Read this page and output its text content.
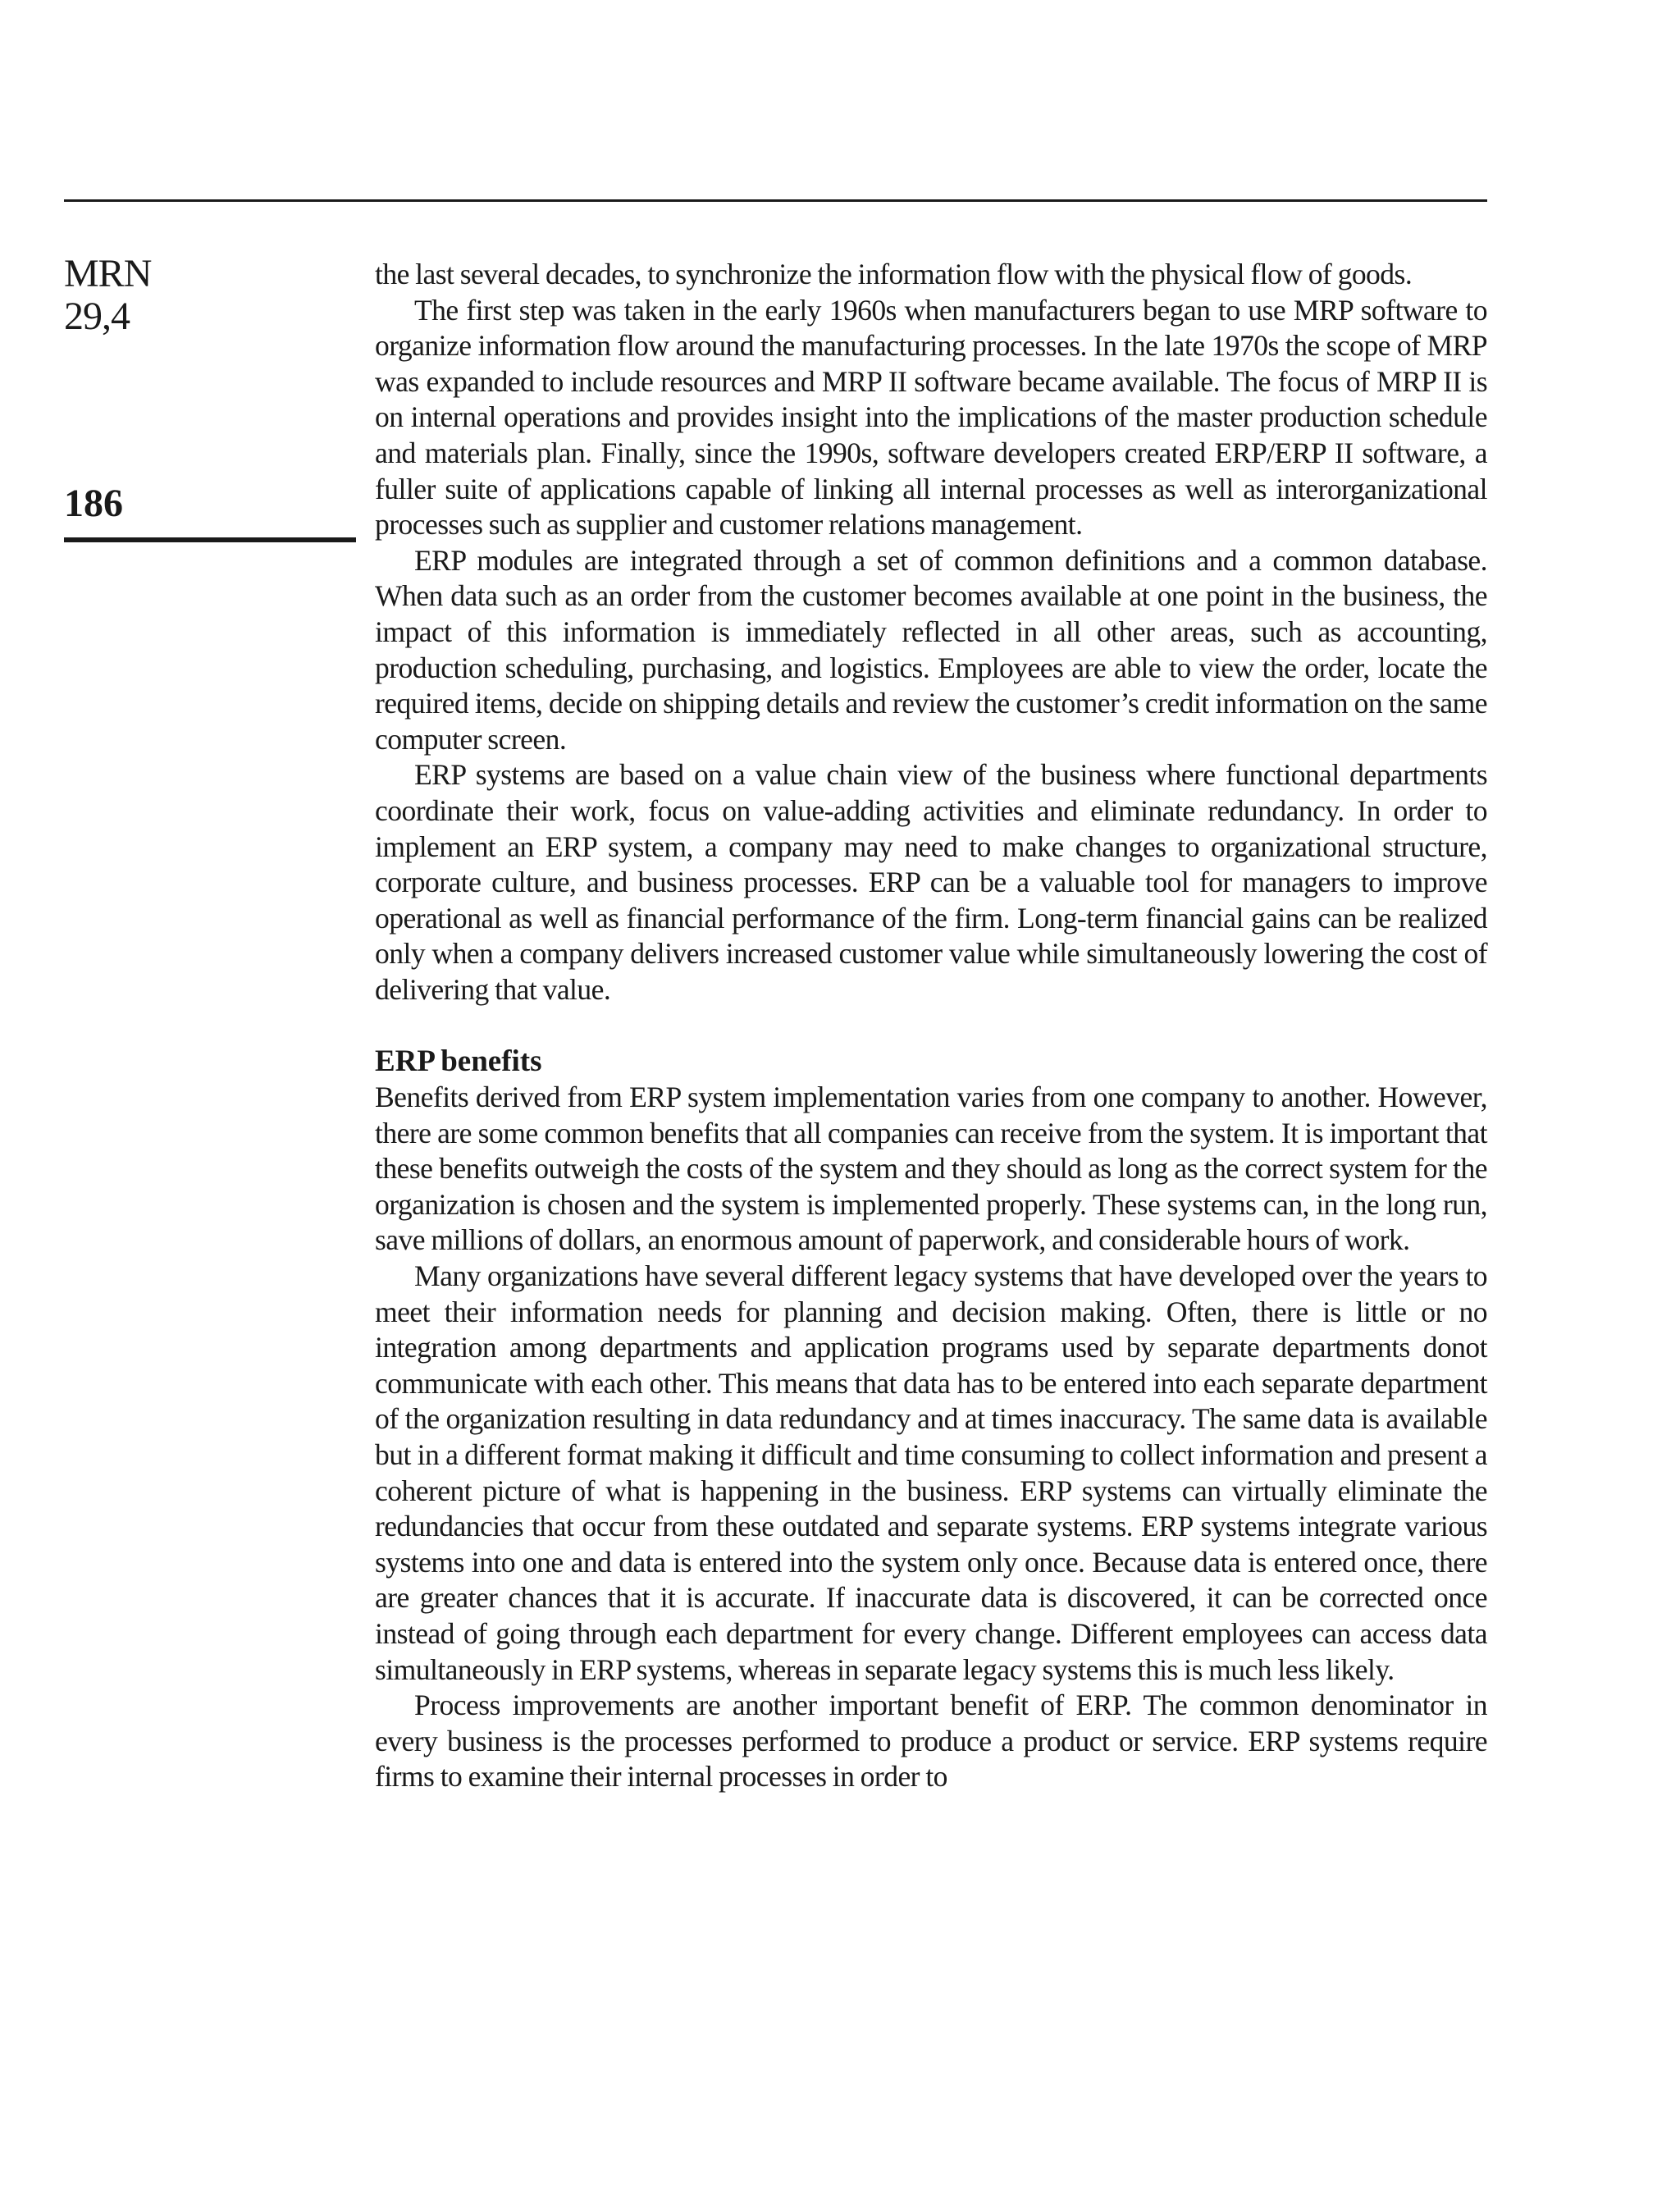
MRN
29,4
186

the last several decades, to synchronize the information flow with the physical flow of goods.

The first step was taken in the early 1960s when manufacturers began to use MRP software to organize information flow around the manufacturing processes. In the late 1970s the scope of MRP was expanded to include resources and MRP II software became available. The focus of MRP II is on internal operations and provides insight into the implications of the master production schedule and materials plan. Finally, since the 1990s, software developers created ERP/ERP II software, a fuller suite of applications capable of linking all internal processes as well as interorganizational processes such as supplier and customer relations management.

ERP modules are integrated through a set of common definitions and a common database. When data such as an order from the customer becomes available at one point in the business, the impact of this information is immediately reflected in all other areas, such as accounting, production scheduling, purchasing, and logistics. Employees are able to view the order, locate the required items, decide on shipping details and review the customer’s credit information on the same computer screen.

ERP systems are based on a value chain view of the business where functional departments coordinate their work, focus on value-adding activities and eliminate redundancy. In order to implement an ERP system, a company may need to make changes to organizational structure, corporate culture, and business processes. ERP can be a valuable tool for managers to improve operational as well as financial performance of the firm. Long-term financial gains can be realized only when a company delivers increased customer value while simultaneously lowering the cost of delivering that value.

ERP benefits

Benefits derived from ERP system implementation varies from one company to another. However, there are some common benefits that all companies can receive from the system. It is important that these benefits outweigh the costs of the system and they should as long as the correct system for the organization is chosen and the system is implemented properly. These systems can, in the long run, save millions of dollars, an enormous amount of paperwork, and considerable hours of work.

Many organizations have several different legacy systems that have developed over the years to meet their information needs for planning and decision making. Often, there is little or no integration among departments and application programs used by separate departments donot communicate with each other. This means that data has to be entered into each separate department of the organization resulting in data redundancy and at times inaccuracy. The same data is available but in a different format making it difficult and time consuming to collect information and present a coherent picture of what is happening in the business. ERP systems can virtually eliminate the redundancies that occur from these outdated and separate systems. ERP systems integrate various systems into one and data is entered into the system only once. Because data is entered once, there are greater chances that it is accurate. If inaccurate data is discovered, it can be corrected once instead of going through each department for every change. Different employees can access data simultaneously in ERP systems, whereas in separate legacy systems this is much less likely.

Process improvements are another important benefit of ERP. The common denominator in every business is the processes performed to produce a product or service. ERP systems require firms to examine their internal processes in order to
